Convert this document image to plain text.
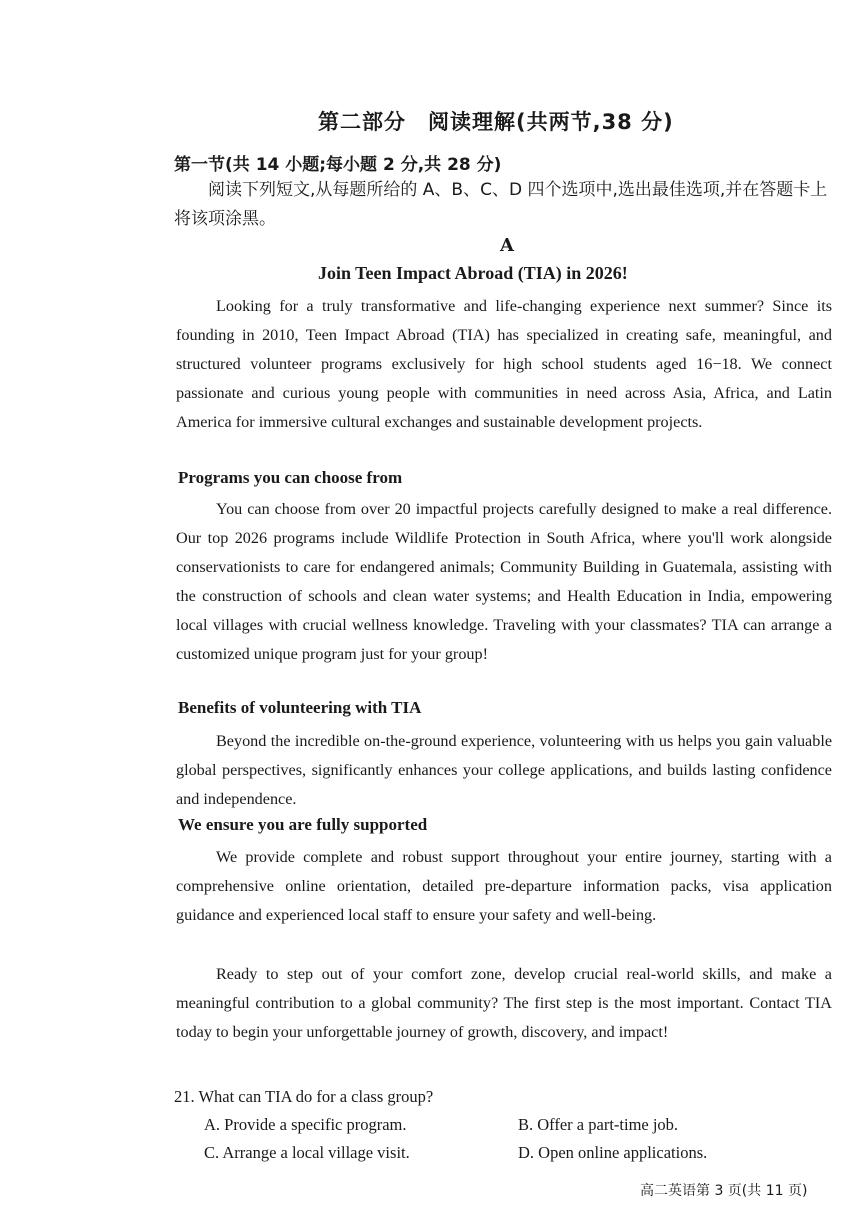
第二部分　阅读理解(共两节,38 分)
第一节(共 14 小题;每小题 2 分,共 28 分)
阅读下列短文,从每题所给的 A、B、C、D 四个选项中,选出最佳选项,并在答题卡上将该项涂黑。
A
Join Teen Impact Abroad (TIA) in 2026!
Looking for a truly transformative and life-changing experience next summer? Since its founding in 2010, Teen Impact Abroad (TIA) has specialized in creating safe, meaningful, and structured volunteer programs exclusively for high school students aged 16−18. We connect passionate and curious young people with communities in need across Asia, Africa, and Latin America for immersive cultural exchanges and sustainable development projects.
Programs you can choose from
You can choose from over 20 impactful projects carefully designed to make a real difference. Our top 2026 programs include Wildlife Protection in South Africa, where you'll work alongside conservationists to care for endangered animals; Community Building in Guatemala, assisting with the construction of schools and clean water systems; and Health Education in India, empowering local villages with crucial wellness knowledge. Traveling with your classmates? TIA can arrange a customized unique program just for your group!
Benefits of volunteering with TIA
Beyond the incredible on-the-ground experience, volunteering with us helps you gain valuable global perspectives, significantly enhances your college applications, and builds lasting confidence and independence.
We ensure you are fully supported
We provide complete and robust support throughout your entire journey, starting with a comprehensive online orientation, detailed pre-departure information packs, visa application guidance and experienced local staff to ensure your safety and well-being.
Ready to step out of your comfort zone, develop crucial real-world skills, and make a meaningful contribution to a global community? The first step is the most important. Contact TIA today to begin your unforgettable journey of growth, discovery, and impact!
21. What can TIA do for a class group?
A. Provide a specific program.	B. Offer a part-time job.
C. Arrange a local village visit.	D. Open online applications.
高二英语第 3 页(共 11 页)
